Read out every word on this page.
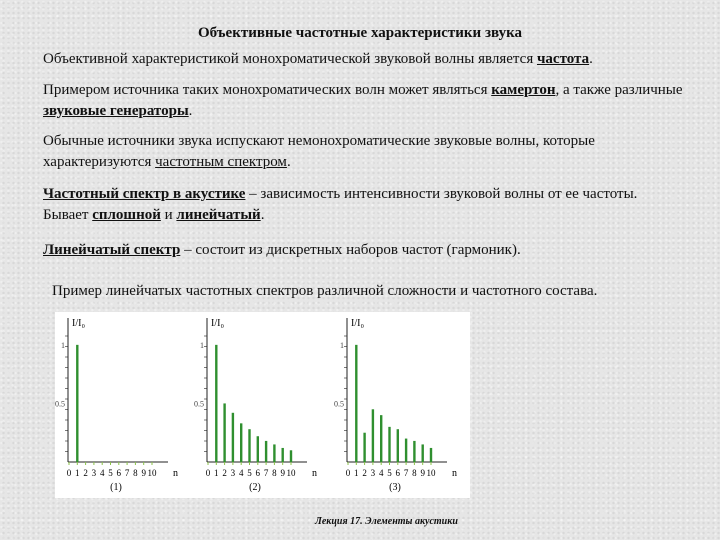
Объективные частотные характеристики звука

Объективной характеристикой монохроматической звуковой волны является частота.

Примером источника таких монохроматических волн может являться камертон, а также различные звуковые генераторы.

Обычные источники звука испускают немонохроматические звуковые волны, которые характеризуются частотным спектром.

Частотный спектр в акустике – зависимость интенсивности звуковой волны от ее частоты. Бывает сплошной и линейчатый.

Линейчатый спектр – состоит из дискретных наборов частот (гармоник).

Пример линейчатых частотных спектров различной сложности и частотного состава.

I/I₀
1
0.5
0 1 2 3 4 5 6 7 8 9 10 n
(1)
I/I₀
1
0.5
0 1 2 3 4 5 6 7 8 9 10 n
(2)
I/I₀
1
0.5
0 1 2 3 4 5 6 7 8 9 10 n
(3)
Лекция 17. Элементы акустики
